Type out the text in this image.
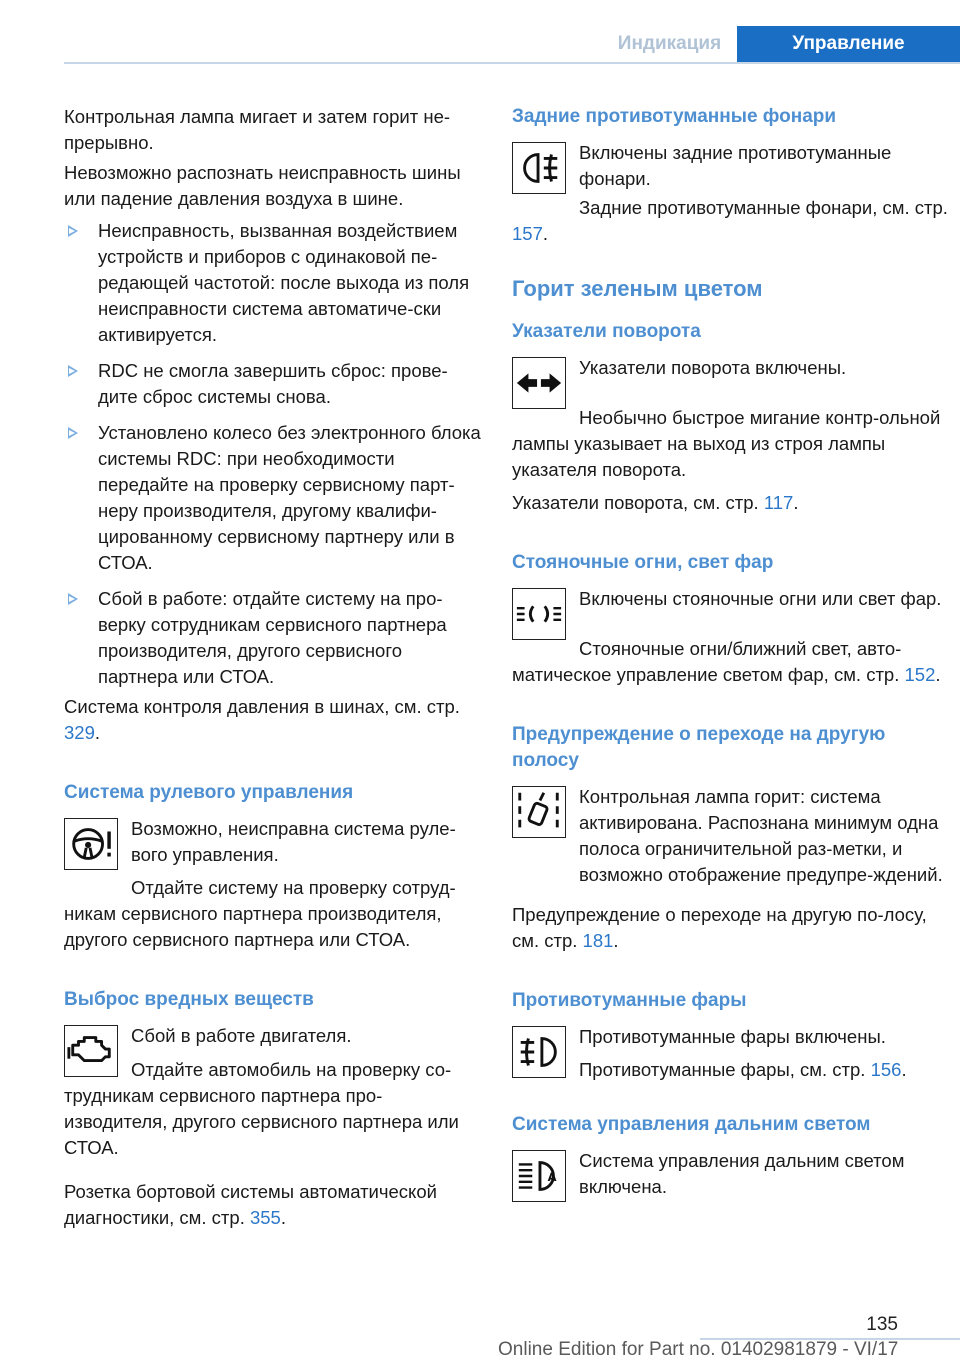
Индикация	Управление

Контрольная лампа мигает и затем горит не-прерывно.

Невозможно распознать неисправность шины или падение давления воздуха в шине.

Неисправность, вызванная воздействием устройств и приборов с одинаковой пе-редающей частотой: после выхода из поля неисправности система автоматиче-ски активируется.
RDC не смогла завершить сброс: прове-дите сброс системы снова.
Установлено колесо без электронного блока системы RDC: при необходимости передайте на проверку сервисному парт-неру производителя, другому квалифи-цированному сервисному партнеру или в СТОА.
Сбой в работе: отдайте систему на про-верку сотрудникам сервисного партнера производителя, другого сервисного партнера или СТОА.

Система контроля давления в шинах, см. стр. 329.

Система рулевого управления

Возможно, неисправна система руле-вого управления.

Отдайте систему на проверку сотруд-никам сервисного партнера производителя, другого сервисного партнера или СТОА.

Выброс вредных веществ

Сбой в работе двигателя.

Отдайте автомобиль на проверку со-трудникам сервисного партнера про-изводителя, другого сервисного партнера или СТОА.

Розетка бортовой системы автоматической диагностики, см. стр. 355.

Задние противотуманные фонари

Включены задние противотуманные фонари.

Задние противотуманные фонари, см. стр. 157.

Горит зеленым цветом
Указатели поворота

Указатели поворота включены.

Необычно быстрое мигание контр-ольной лампы указывает на выход из строя лампы указателя поворота.

Указатели поворота, см. стр. 117.

Стояночные огни, свет фар

Включены стояночные огни или свет фар.

Стояночные огни/ближний свет, авто-матическое управление светом фар, см. стр. 152.

Предупреждение о переходе на другую полосу

Контрольная лампа горит: система активирована. Распознана минимум одна полоса ограничительной раз-метки, и возможно отображение предупре-ждений.

Предупреждение о переходе на другую по-лосу, см. стр. 181.

Противотуманные фары

Противотуманные фары включены.

Противотуманные фары, см. стр. 156.

Система управления дальним светом
A

Система управления дальним светом включена.

135
Online Edition for Part no. 01402981879 - VI/17
